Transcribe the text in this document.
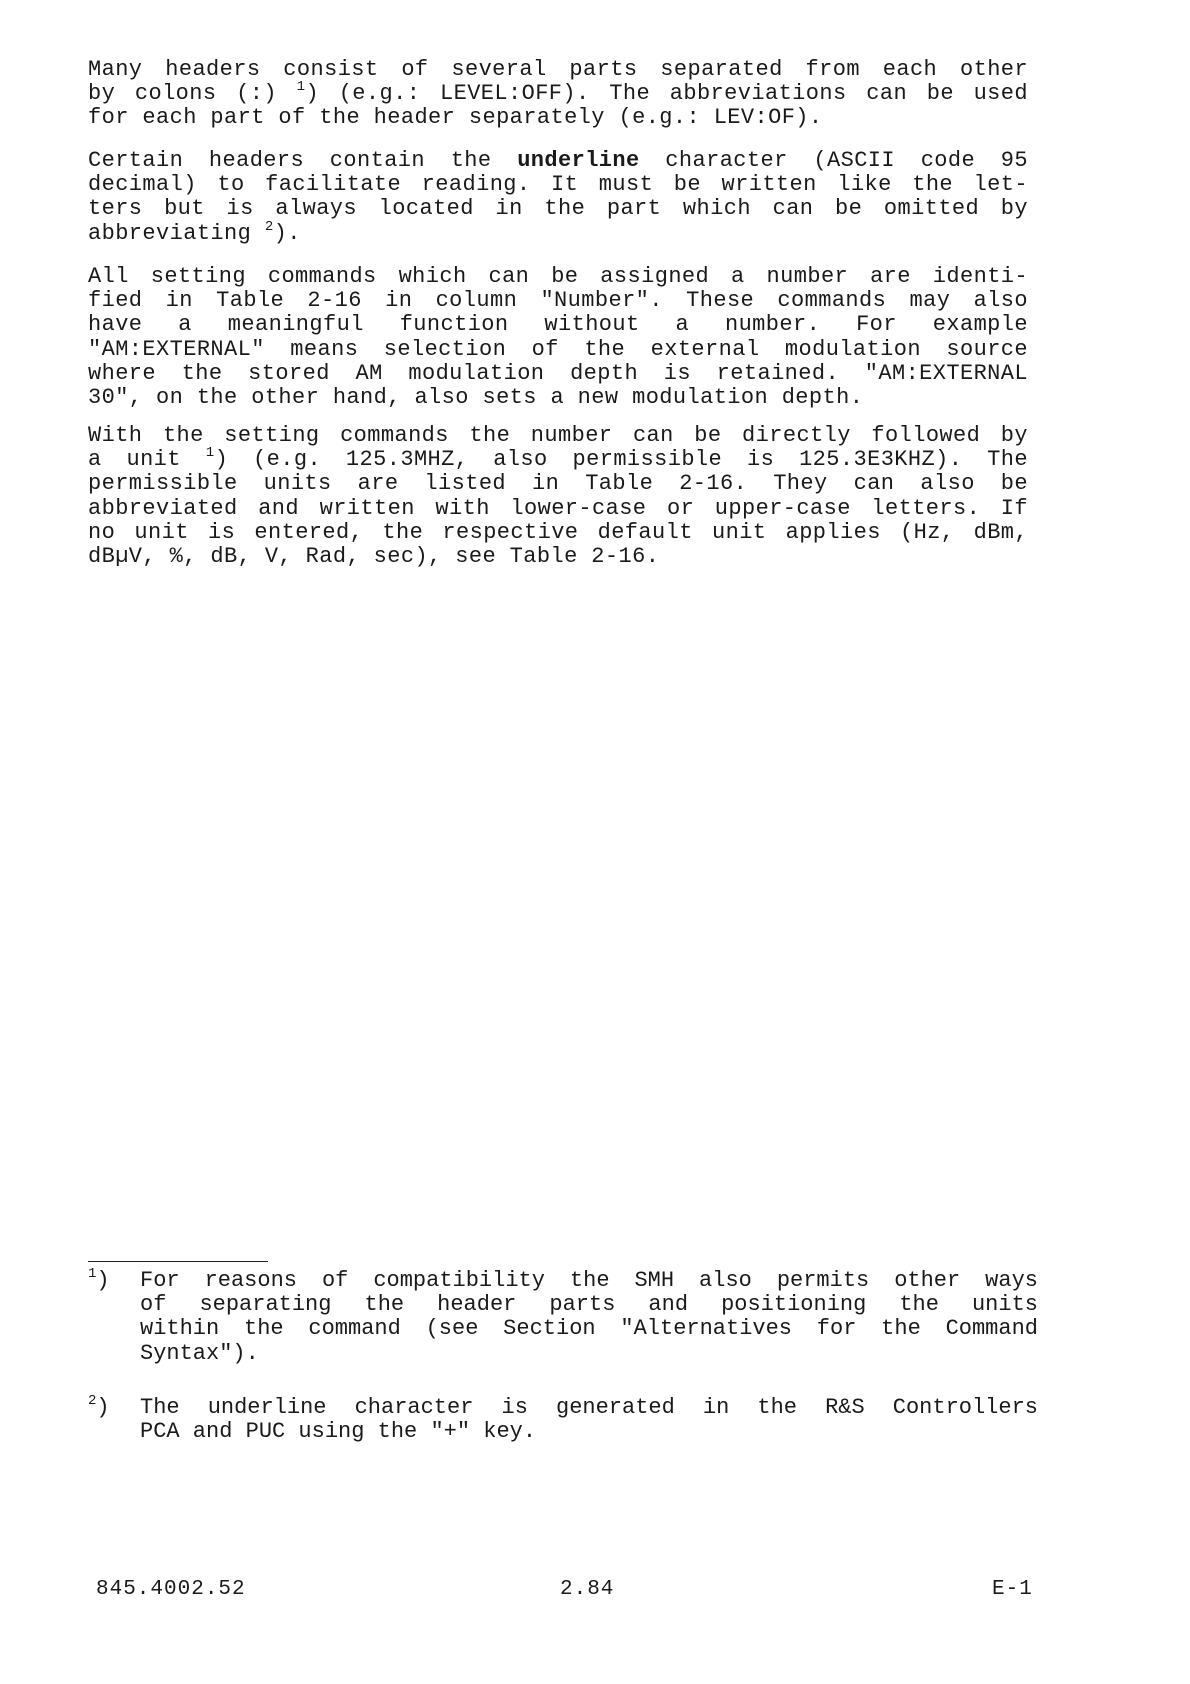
Many headers consist of several parts separated from each other
by colons (:) $^1$) (e.g.: LEVEL:OFF). The abbreviations can be used
for each part of the header separately (e.g.: LEV:OF).
Certain headers contain the underline character (ASCII code 95
decimal) to facilitate reading. It must be written like the let-
ters but is always located in the part which can be omitted by
abbreviating $^2$).
All setting commands which can be assigned a number are identi-
fied in Table 2-16 in column "Number". These commands may also
have a meaningful function without a number. For example
"AM:EXTERNAL" means selection of the external modulation source
where the stored AM modulation depth is retained. "AM:EXTERNAL
30", on the other hand, also sets a new modulation depth.
With the setting commands the number can be directly followed by
a unit $^1$) (e.g. 125.3MHZ, also permissible is 125.3E3KHZ). The
permissible units are listed in Table 2-16. They can also be
abbreviated and written with lower-case or upper-case letters. If
no unit is entered, the respective default unit applies (Hz, dBm,
dBµV, %, dB, V, Rad, sec), see Table 2-16.
$^1$)	For reasons of compatibility the SMH also permits other ways
of separating the header parts and positioning the units
within the command (see Section "Alternatives for the Command
Syntax").
$^2$)	The underline character is generated in the R&S Controllers
PCA and PUC using the "+" key.
845.4002.52	2.84	E-1
